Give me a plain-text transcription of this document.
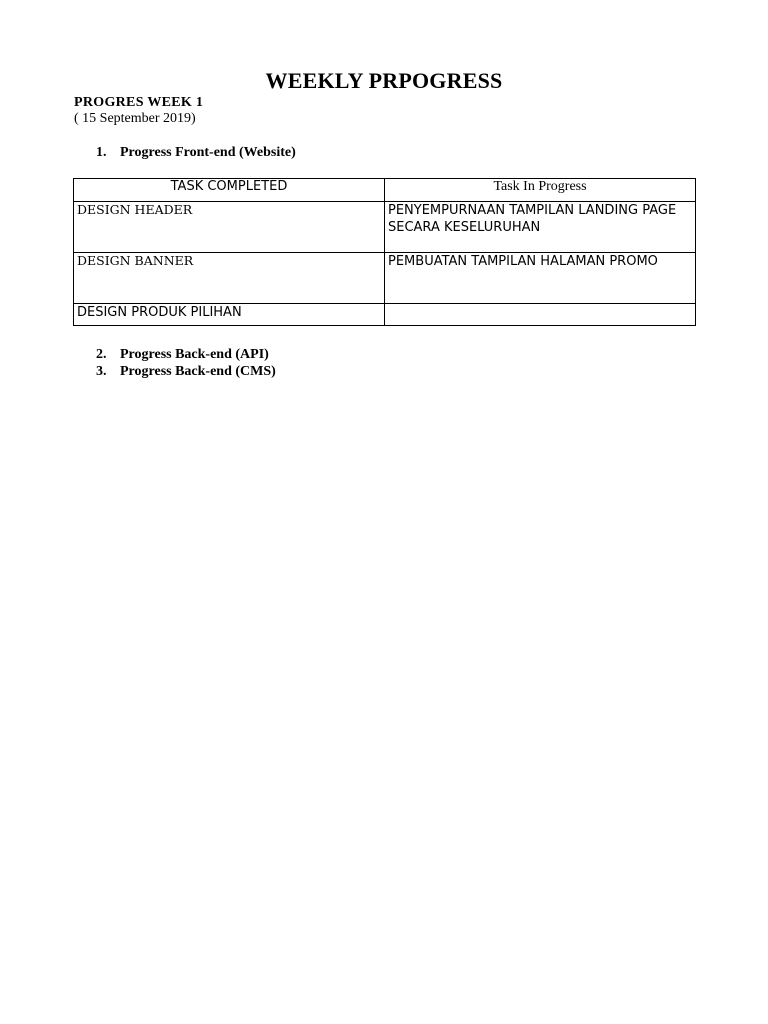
WEEKLY PRPOGRESS
PROGRES WEEK 1
( 15 September 2019)
1. Progress Front-end (Website)
TASK COMPLETED	Task In Progress
DESIGN HEADER	PENYEMPURNAAN TAMPILAN LANDING PAGE SECARA KESELURUHAN
DESIGN BANNER	PEMBUATAN TAMPILAN HALAMAN PROMO
DESIGN PRODUK PILIHAN	
2. Progress Back-end (API)
3. Progress Back-end (CMS)
